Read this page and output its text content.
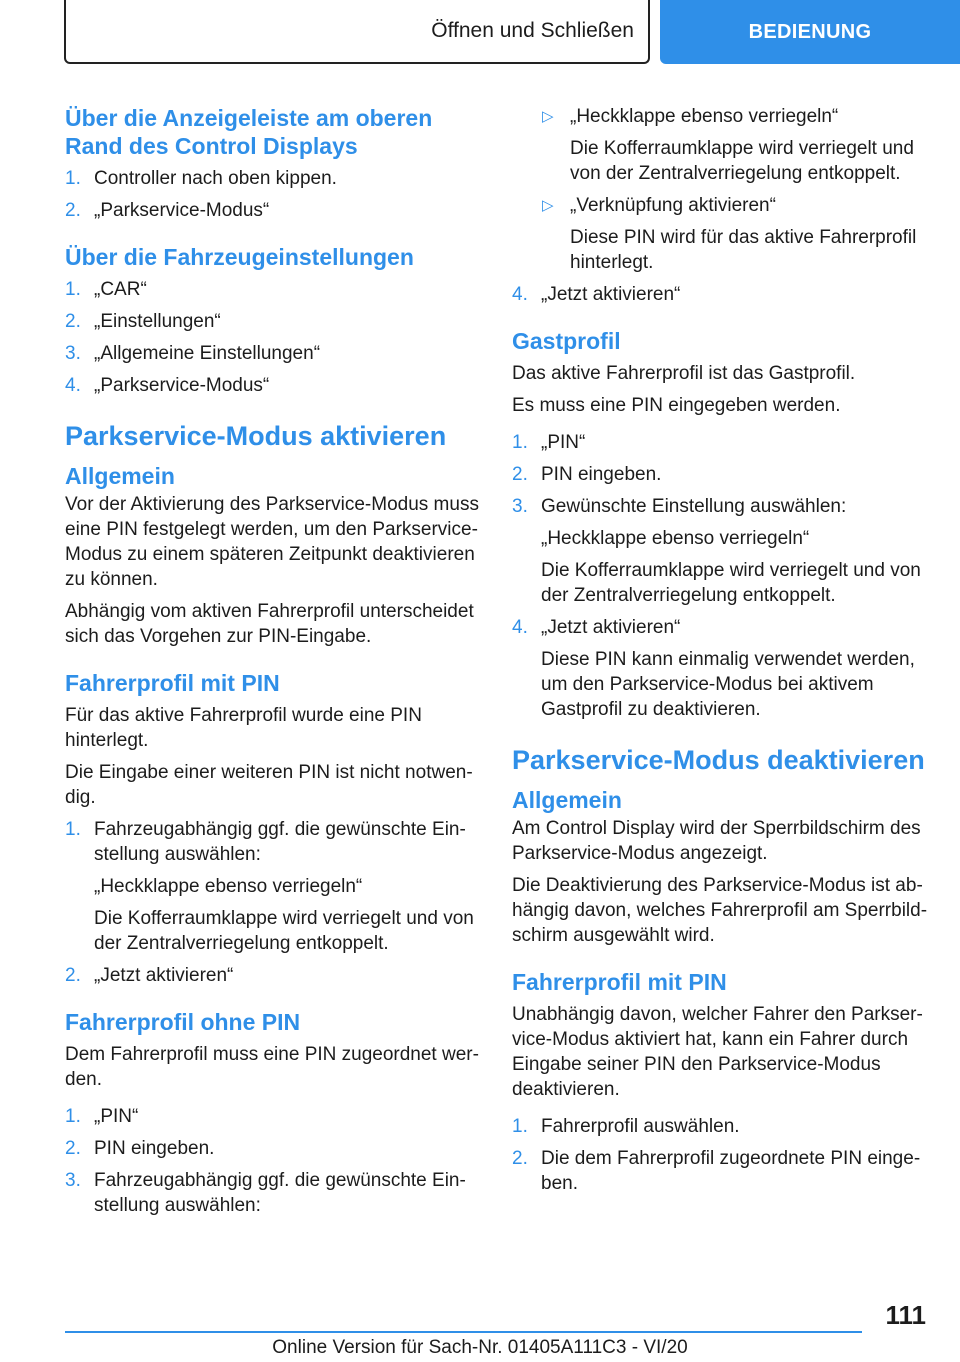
Öffnen und Schließen	BEDIENUNG
Über die Anzeigeleiste am oberen Rand des Control Displays
1. Controller nach oben kippen.
2. „Parkservice-Modus“
Über die Fahrzeugeinstellungen
1. „CAR“
2. „Einstellungen“
3. „Allgemeine Einstellungen“
4. „Parkservice-Modus“
Parkservice-Modus aktivieren
Allgemein

Vor der Aktivierung des Parkservice-Modus muss eine PIN festgelegt werden, um den Parkservice-Modus zu einem späteren Zeitpunkt deaktivieren zu können.

Abhängig vom aktiven Fahrerprofil unterscheidet sich das Vorgehen zur PIN-Eingabe.

Fahrerprofil mit PIN

Für das aktive Fahrerprofil wurde eine PIN hinterlegt.

Die Eingabe einer weiteren PIN ist nicht notwendig.

1. Fahrzeugabhängig ggf. die gewünschte Einstellung auswählen:
„Heckklappe ebenso verriegeln“
Die Kofferraumklappe wird verriegelt und von der Zentralverriegelung entkoppelt.
2. „Jetzt aktivieren“
Fahrerprofil ohne PIN

Dem Fahrerprofil muss eine PIN zugeordnet werden.

1. „PIN“
2. PIN eingeben.
3. Fahrzeugabhängig ggf. die gewünschte Einstellung auswählen:
▷ „Heckklappe ebenso verriegeln“
Die Kofferraumklappe wird verriegelt und von der Zentralverriegelung entkoppelt.
▷ „Verknüpfung aktivieren“
Diese PIN wird für das aktive Fahrerprofil hinterlegt.
4. „Jetzt aktivieren“
Gastprofil

Das aktive Fahrerprofil ist das Gastprofil.

Es muss eine PIN eingegeben werden.

1. „PIN“
2. PIN eingeben.
3. Gewünschte Einstellung auswählen:
„Heckklappe ebenso verriegeln“
Die Kofferraumklappe wird verriegelt und von der Zentralverriegelung entkoppelt.
4. „Jetzt aktivieren“
Diese PIN kann einmalig verwendet werden, um den Parkservice-Modus bei aktivem Gastprofil zu deaktivieren.
Parkservice-Modus deaktivieren
Allgemein

Am Control Display wird der Sperrbildschirm des Parkservice-Modus angezeigt.

Die Deaktivierung des Parkservice-Modus ist abhängig davon, welches Fahrerprofil am Sperrbildschirm ausgewählt wird.

Fahrerprofil mit PIN

Unabhängig davon, welcher Fahrer den Parkservice-Modus aktiviert hat, kann ein Fahrer durch Eingabe seiner PIN den Parkservice-Modus deaktivieren.

1. Fahrerprofil auswählen.
2. Die dem Fahrerprofil zugeordnete PIN eingeben.
111
Online Version für Sach-Nr. 01405A111C3 - VI/20
